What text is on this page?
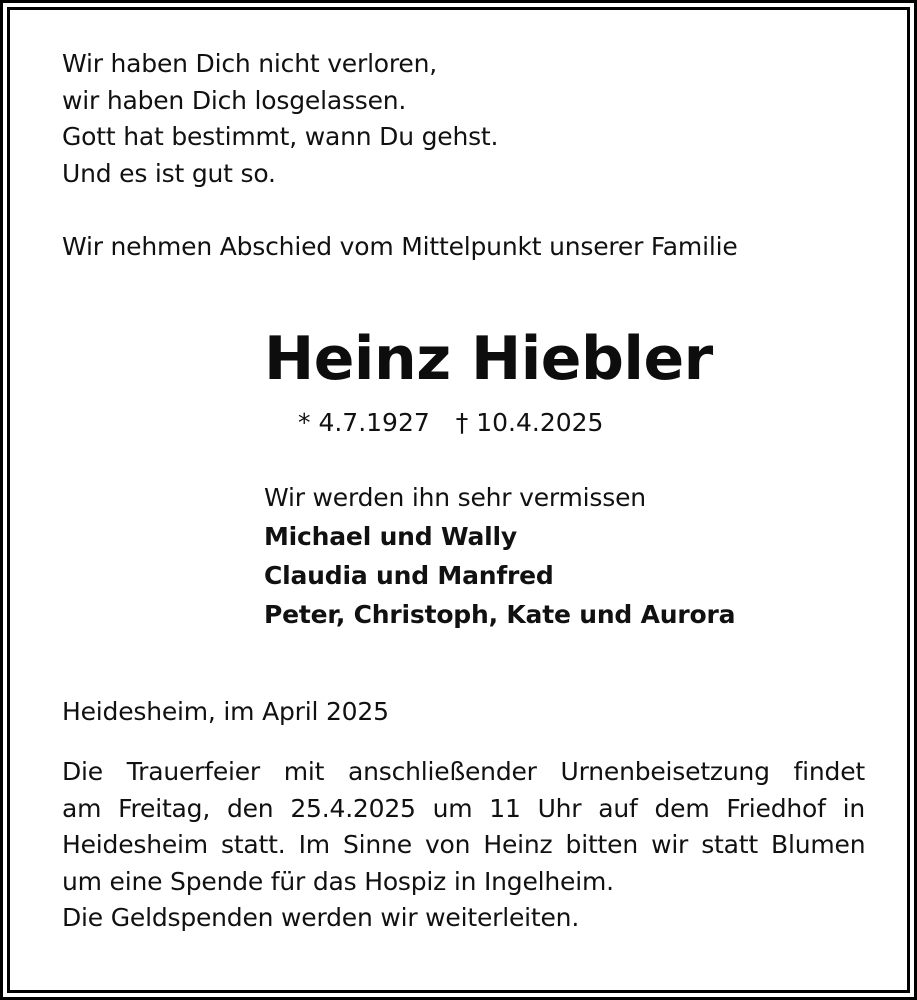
Wir haben Dich nicht verloren,
wir haben Dich losgelassen.
Gott hat bestimmt, wann Du gehst.
Und es ist gut so.
Wir nehmen Abschied vom Mittelpunkt unserer Familie
Heinz Hiebler
* 4.7.1927 † 10.4.2025
Wir werden ihn sehr vermissen
Michael und Wally
Claudia und Manfred
Peter, Christoph, Kate und Aurora
Heidesheim, im April 2025
Die Trauerfeier mit anschließender Urnenbeisetzung findet
am Freitag, den 25.4.2025 um 11 Uhr auf dem Friedhof in
Heidesheim statt. Im Sinne von Heinz bitten wir statt Blumen
um eine Spende für das Hospiz in Ingelheim.
Die Geldspenden werden wir weiterleiten.
